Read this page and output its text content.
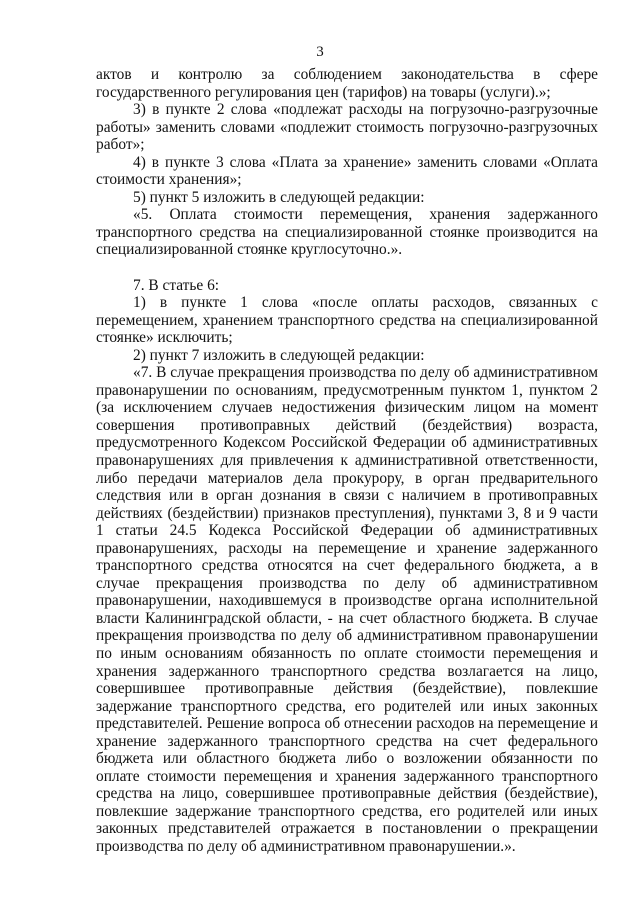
3

актов и контролю за соблюдением законодательства в сфере государственного регулирования цен (тарифов) на товары (услуги).»;

3) в пункте 2 слова «подлежат расходы на погрузочно-разгрузочные работы» заменить словами «подлежит стоимость погрузочно-разгрузочных работ»;

4) в пункте 3 слова «Плата за хранение» заменить словами «Оплата стоимости хранения»;

5) пункт 5 изложить в следующей редакции:

«5. Оплата стоимости перемещения, хранения задержанного транспортного средства на специализированной стоянке производится на специализированной стоянке круглосуточно.».

7. В статье 6:

1) в пункте 1 слова «после оплаты расходов, связанных с перемещением, хранением транспортного средства на специализированной стоянке» исключить;

2) пункт 7 изложить в следующей редакции:

«7. В случае прекращения производства по делу об административном правонарушении по основаниям, предусмотренным пунктом 1, пунктом 2 (за исключением случаев недостижения физическим лицом на момент совершения противоправных действий (бездействия) возраста, предусмотренного Кодексом Российской Федерации об административных правонарушениях для привлечения к административной ответственности, либо передачи материалов дела прокурору, в орган предварительного следствия или в орган дознания в связи с наличием в противоправных действиях (бездействии) признаков преступления), пунктами 3, 8 и 9 части 1 статьи 24.5 Кодекса Российской Федерации об административных правонарушениях, расходы на перемещение и хранение задержанного транспортного средства относятся на счет федерального бюджета, а в случае прекращения производства по делу об административном правонарушении, находившемуся в производстве органа исполнительной власти Калининградской области, - на счет областного бюджета. В случае прекращения производства по делу об административном правонарушении по иным основаниям обязанность по оплате стоимости перемещения и хранения задержанного транспортного средства возлагается на лицо, совершившее противоправные действия (бездействие), повлекшие задержание транспортного средства, его родителей или иных законных представителей. Решение вопроса об отнесении расходов на перемещение и хранение задержанного транспортного средства на счет федерального бюджета или областного бюджета либо о возложении обязанности по оплате стоимости перемещения и хранения задержанного транспортного средства на лицо, совершившее противоправные действия (бездействие), повлекшие задержание транспортного средства, его родителей или иных законных представителей отражается в постановлении о прекращении производства по делу об административном правонарушении.».
